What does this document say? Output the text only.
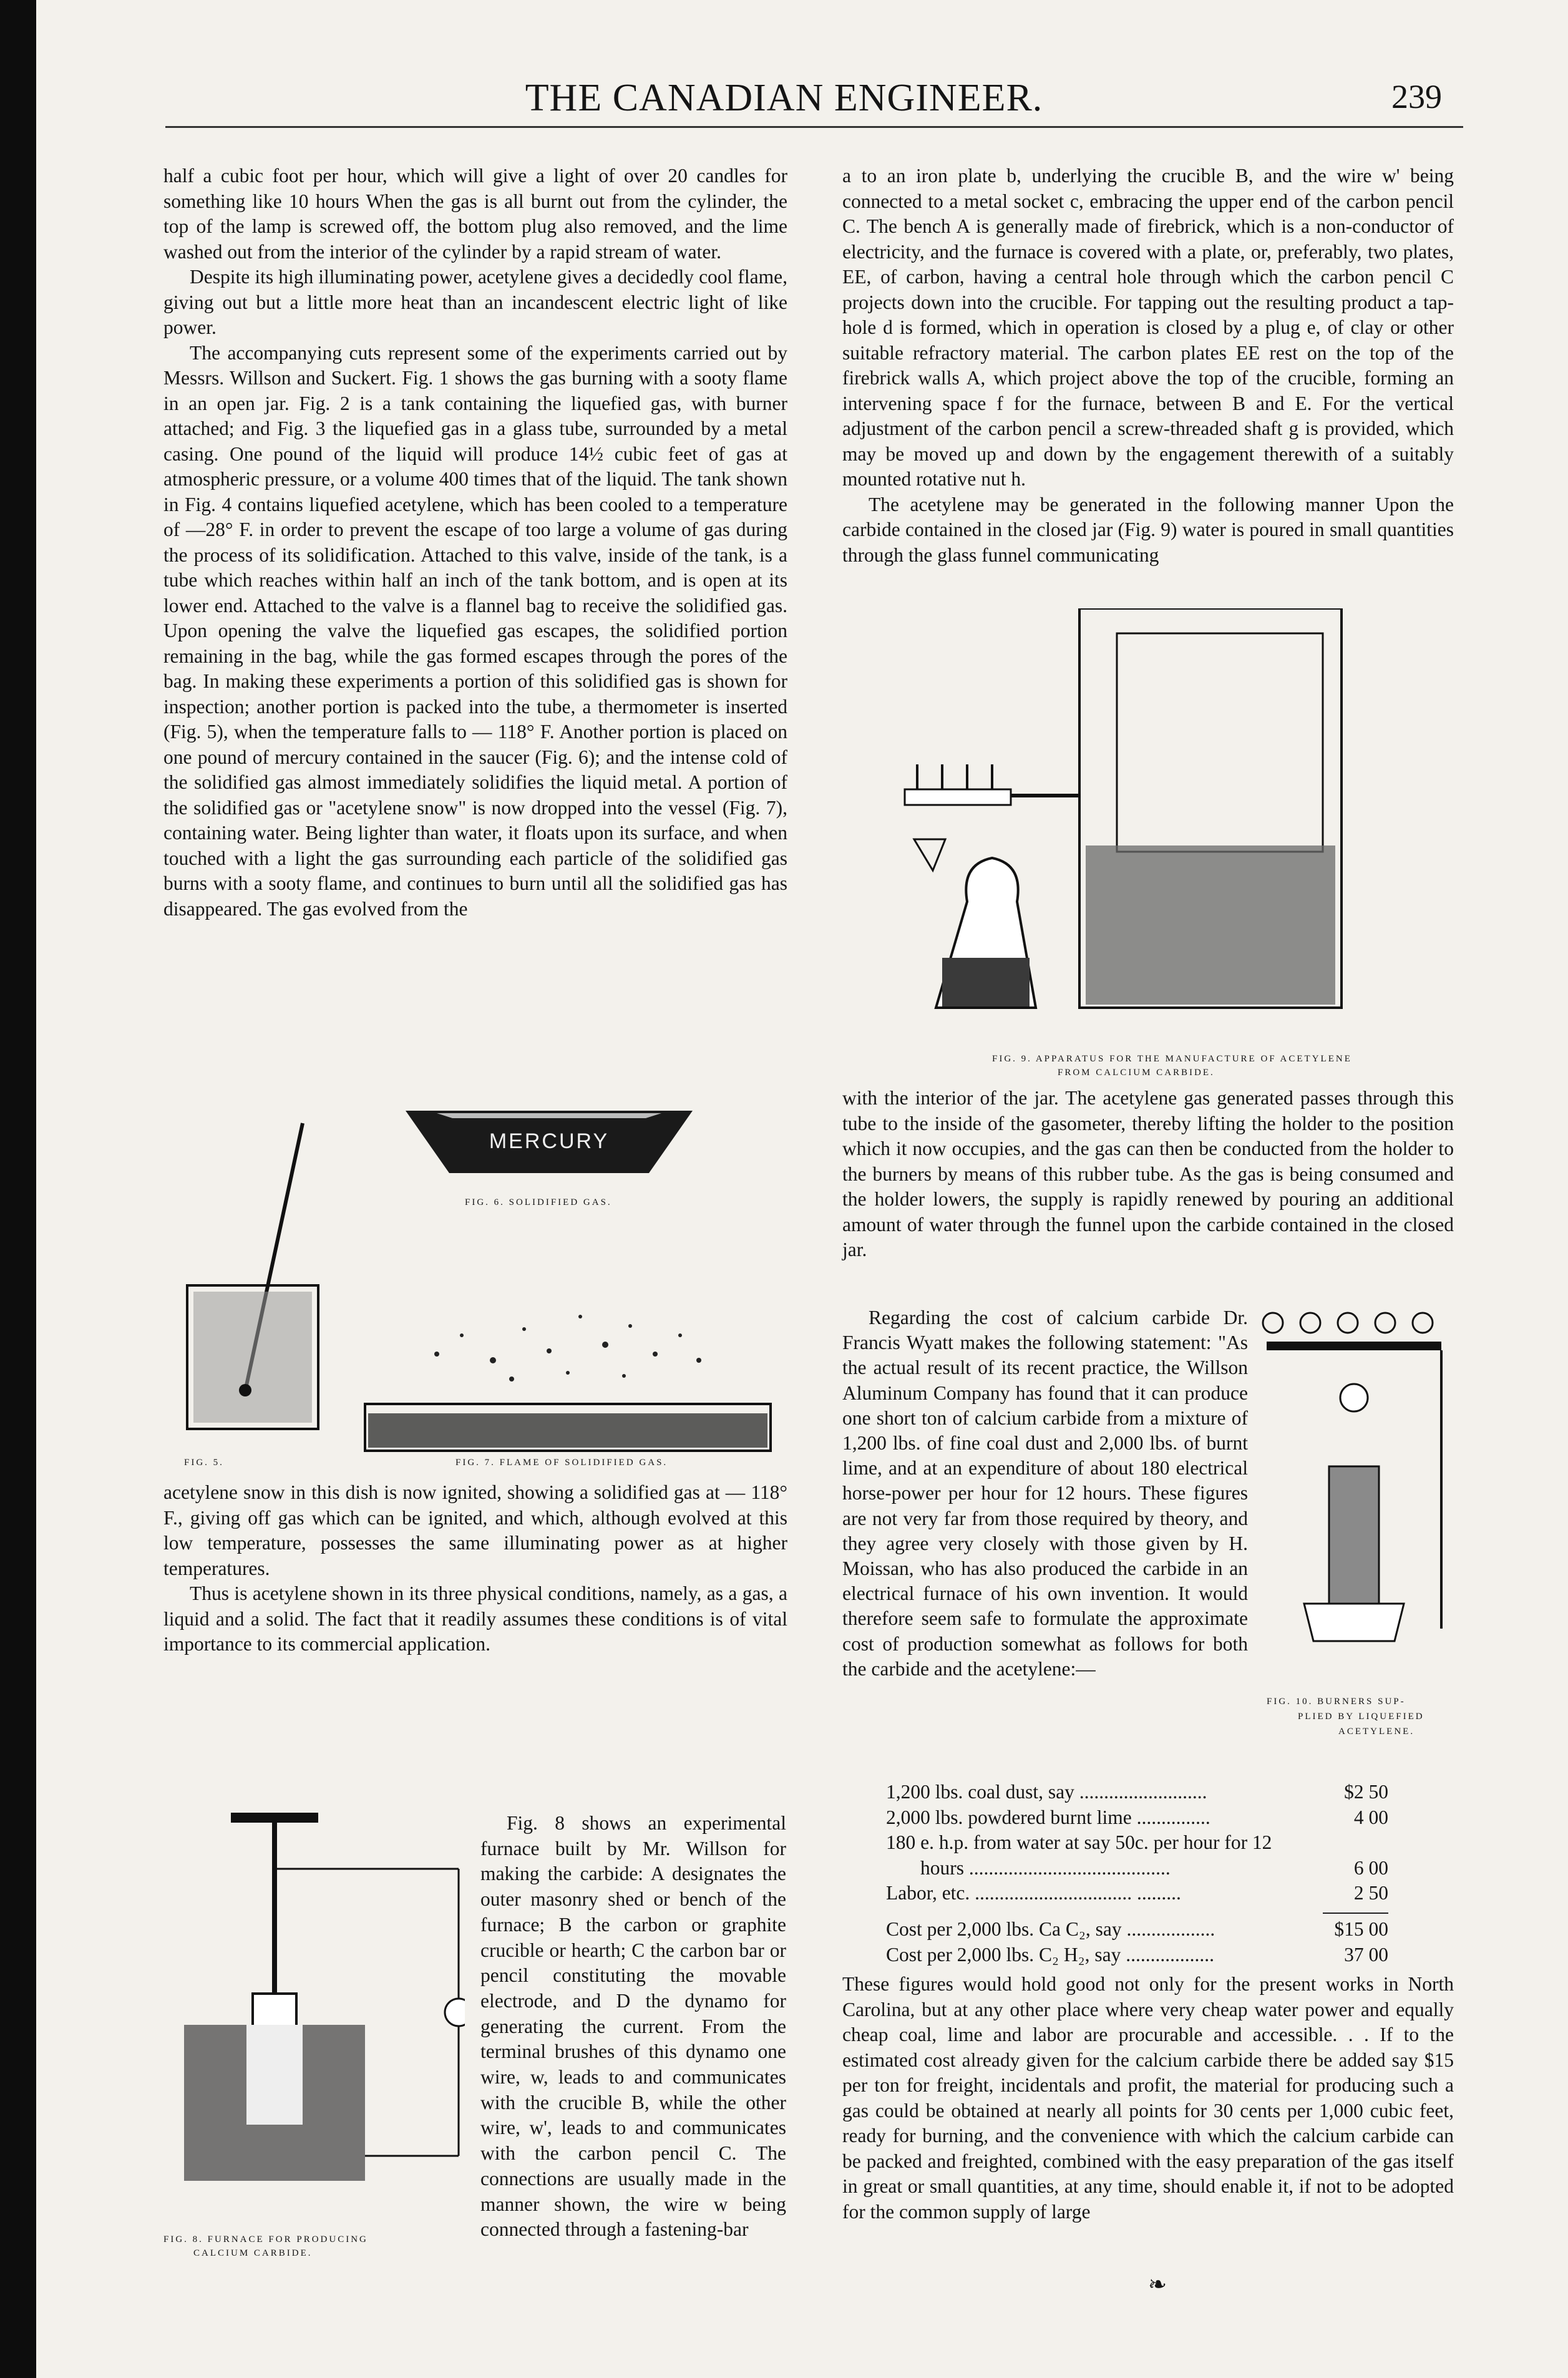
THE CANADIAN ENGINEER.	239

half a cubic foot per hour, which will give a light of over 20 candles for something like 10 hours When the gas is all burnt out from the cylinder, the top of the lamp is screwed off, the bottom plug also removed, and the lime washed out from the interior of the cylinder by a rapid stream of water.

Despite its high illuminating power, acetylene gives a decidedly cool flame, giving out but a little more heat than an incandescent electric light of like power.

The accompanying cuts represent some of the experiments carried out by Messrs. Willson and Suckert. Fig. 1 shows the gas burning with a sooty flame in an open jar. Fig. 2 is a tank containing the liquefied gas, with burner attached; and Fig. 3 the liquefied gas in a glass tube, surrounded by a metal casing. One pound of the liquid will produce 14½ cubic feet of gas at atmospheric pressure, or a volume 400 times that of the liquid. The tank shown in Fig. 4 contains liquefied acetylene, which has been cooled to a temperature of —28° F. in order to prevent the escape of too large a volume of gas during the process of its solidification. Attached to this valve, inside of the tank, is a tube which reaches within half an inch of the tank bottom, and is open at its lower end. Attached to the valve is a flannel bag to receive the solidified gas. Upon opening the valve the liquefied gas escapes, the solidified portion remaining in the bag, while the gas formed escapes through the pores of the bag. In making these experiments a portion of this solidified gas is shown for inspection; another portion is packed into the tube, a thermometer is inserted (Fig. 5), when the temperature falls to — 118° F. Another portion is placed on one pound of mercury contained in the saucer (Fig. 6); and the intense cold of the solidified gas almost immediately solidifies the liquid metal. A portion of the solidified gas or "acetylene snow" is now dropped into the vessel (Fig. 7), containing water. Being lighter than water, it floats upon its surface, and when touched with a light the gas surrounding each particle of the solidified gas burns with a sooty flame, and continues to burn until all the solidified gas has disappeared. The gas evolved from the

MERCURY
FIG. 6. SOLIDIFIED GAS.
FIG. 5.	FIG. 7. FLAME OF SOLIDIFIED GAS.

acetylene snow in this dish is now ignited, showing a solidified gas at — 118° F., giving off gas which can be ignited, and which, although evolved at this low temperature, possesses the same illuminating power as at higher temperatures.

Thus is acetylene shown in its three physical conditions, namely, as a gas, a liquid and a solid. The fact that it readily assumes these conditions is of vital importance to its commercial application.

FIG. 8. FURNACE FOR PRODUCING
CALCIUM CARBIDE.

Fig. 8 shows an experimental furnace built by Mr. Willson for making the carbide: A designates the outer masonry shed or bench of the furnace; B the carbon or graphite crucible or hearth; C the carbon bar or pencil constituting the movable electrode, and D the dynamo for generating the current. From the terminal brushes of this dynamo one wire, w, leads to and communicates with the crucible B, while the other wire, w', leads to and communicates with the carbon pencil C. The connections are usually made in the manner shown, the wire w being connected through a fastening-bar

a to an iron plate b, underlying the crucible B, and the wire w' being connected to a metal socket c, embracing the upper end of the carbon pencil C. The bench A is generally made of firebrick, which is a non-conductor of electricity, and the furnace is covered with a plate, or, preferably, two plates, EE, of carbon, having a central hole through which the carbon pencil C projects down into the crucible. For tapping out the resulting product a tap-hole d is formed, which in operation is closed by a plug e, of clay or other suitable refractory material. The carbon plates EE rest on the top of the firebrick walls A, which project above the top of the crucible, forming an intervening space f for the furnace, between B and E. For the vertical adjustment of the carbon pencil a screw-threaded shaft g is provided, which may be moved up and down by the engagement therewith of a suitably mounted rotative nut h.

The acetylene may be generated in the following manner Upon the carbide contained in the closed jar (Fig. 9) water is poured in small quantities through the glass funnel communicating

FIG. 9. APPARATUS FOR THE MANUFACTURE OF ACETYLENE
FROM CALCIUM CARBIDE.

with the interior of the jar. The acetylene gas generated passes through this tube to the inside of the gasometer, thereby lifting the holder to the position which it now occupies, and the gas can then be conducted from the holder to the burners by means of this rubber tube. As the gas is being consumed and the holder lowers, the supply is rapidly renewed by pouring an additional amount of water through the funnel upon the carbide contained in the closed jar.

Regarding the cost of calcium carbide Dr. Francis Wyatt makes the following statement: "As the actual result of its recent practice, the Willson Aluminum Company has found that it can produce one short ton of calcium carbide from a mixture of 1,200 lbs. of fine coal dust and 2,000 lbs. of burnt lime, and at an expenditure of about 180 electrical horse-power per hour for 12 hours. These figures are not very far from those required by theory, and they agree very closely with those given by H. Moissan, who has also produced the carbide in an electrical furnace of his own invention. It would therefore seem safe to formulate the approximate cost of production somewhat as follows for both the carbide and the acetylene:—

FIG. 10. BURNERS SUP-
PLIED BY LIQUEFIED
ACETYLENE.
1,200 lbs. coal dust, say ..........................	$2 50
2,000 lbs. powdered burnt lime ...............	4 00
180 e. h.p. from water at say 50c. per hour for 12
hours .........................................	6 00
Labor, etc. ................................ .........	2 50
Cost per 2,000 lbs. Ca C₂, say ..................	$15 00
Cost per 2,000 lbs. C₂ H₂, say ..................	37 00

These figures would hold good not only for the present works in North Carolina, but at any other place where very cheap water power and equally cheap coal, lime and labor are procurable and accessible. . . If to the estimated cost already given for the calcium carbide there be added say $15 per ton for freight, incidentals and profit, the material for producing such a gas could be obtained at nearly all points for 30 cents per 1,000 cubic feet, ready for burning, and the convenience with which the calcium carbide can be packed and freighted, combined with the easy preparation of the gas itself in great or small quantities, at any time, should enable it, if not to be adopted for the common supply of large

❧
